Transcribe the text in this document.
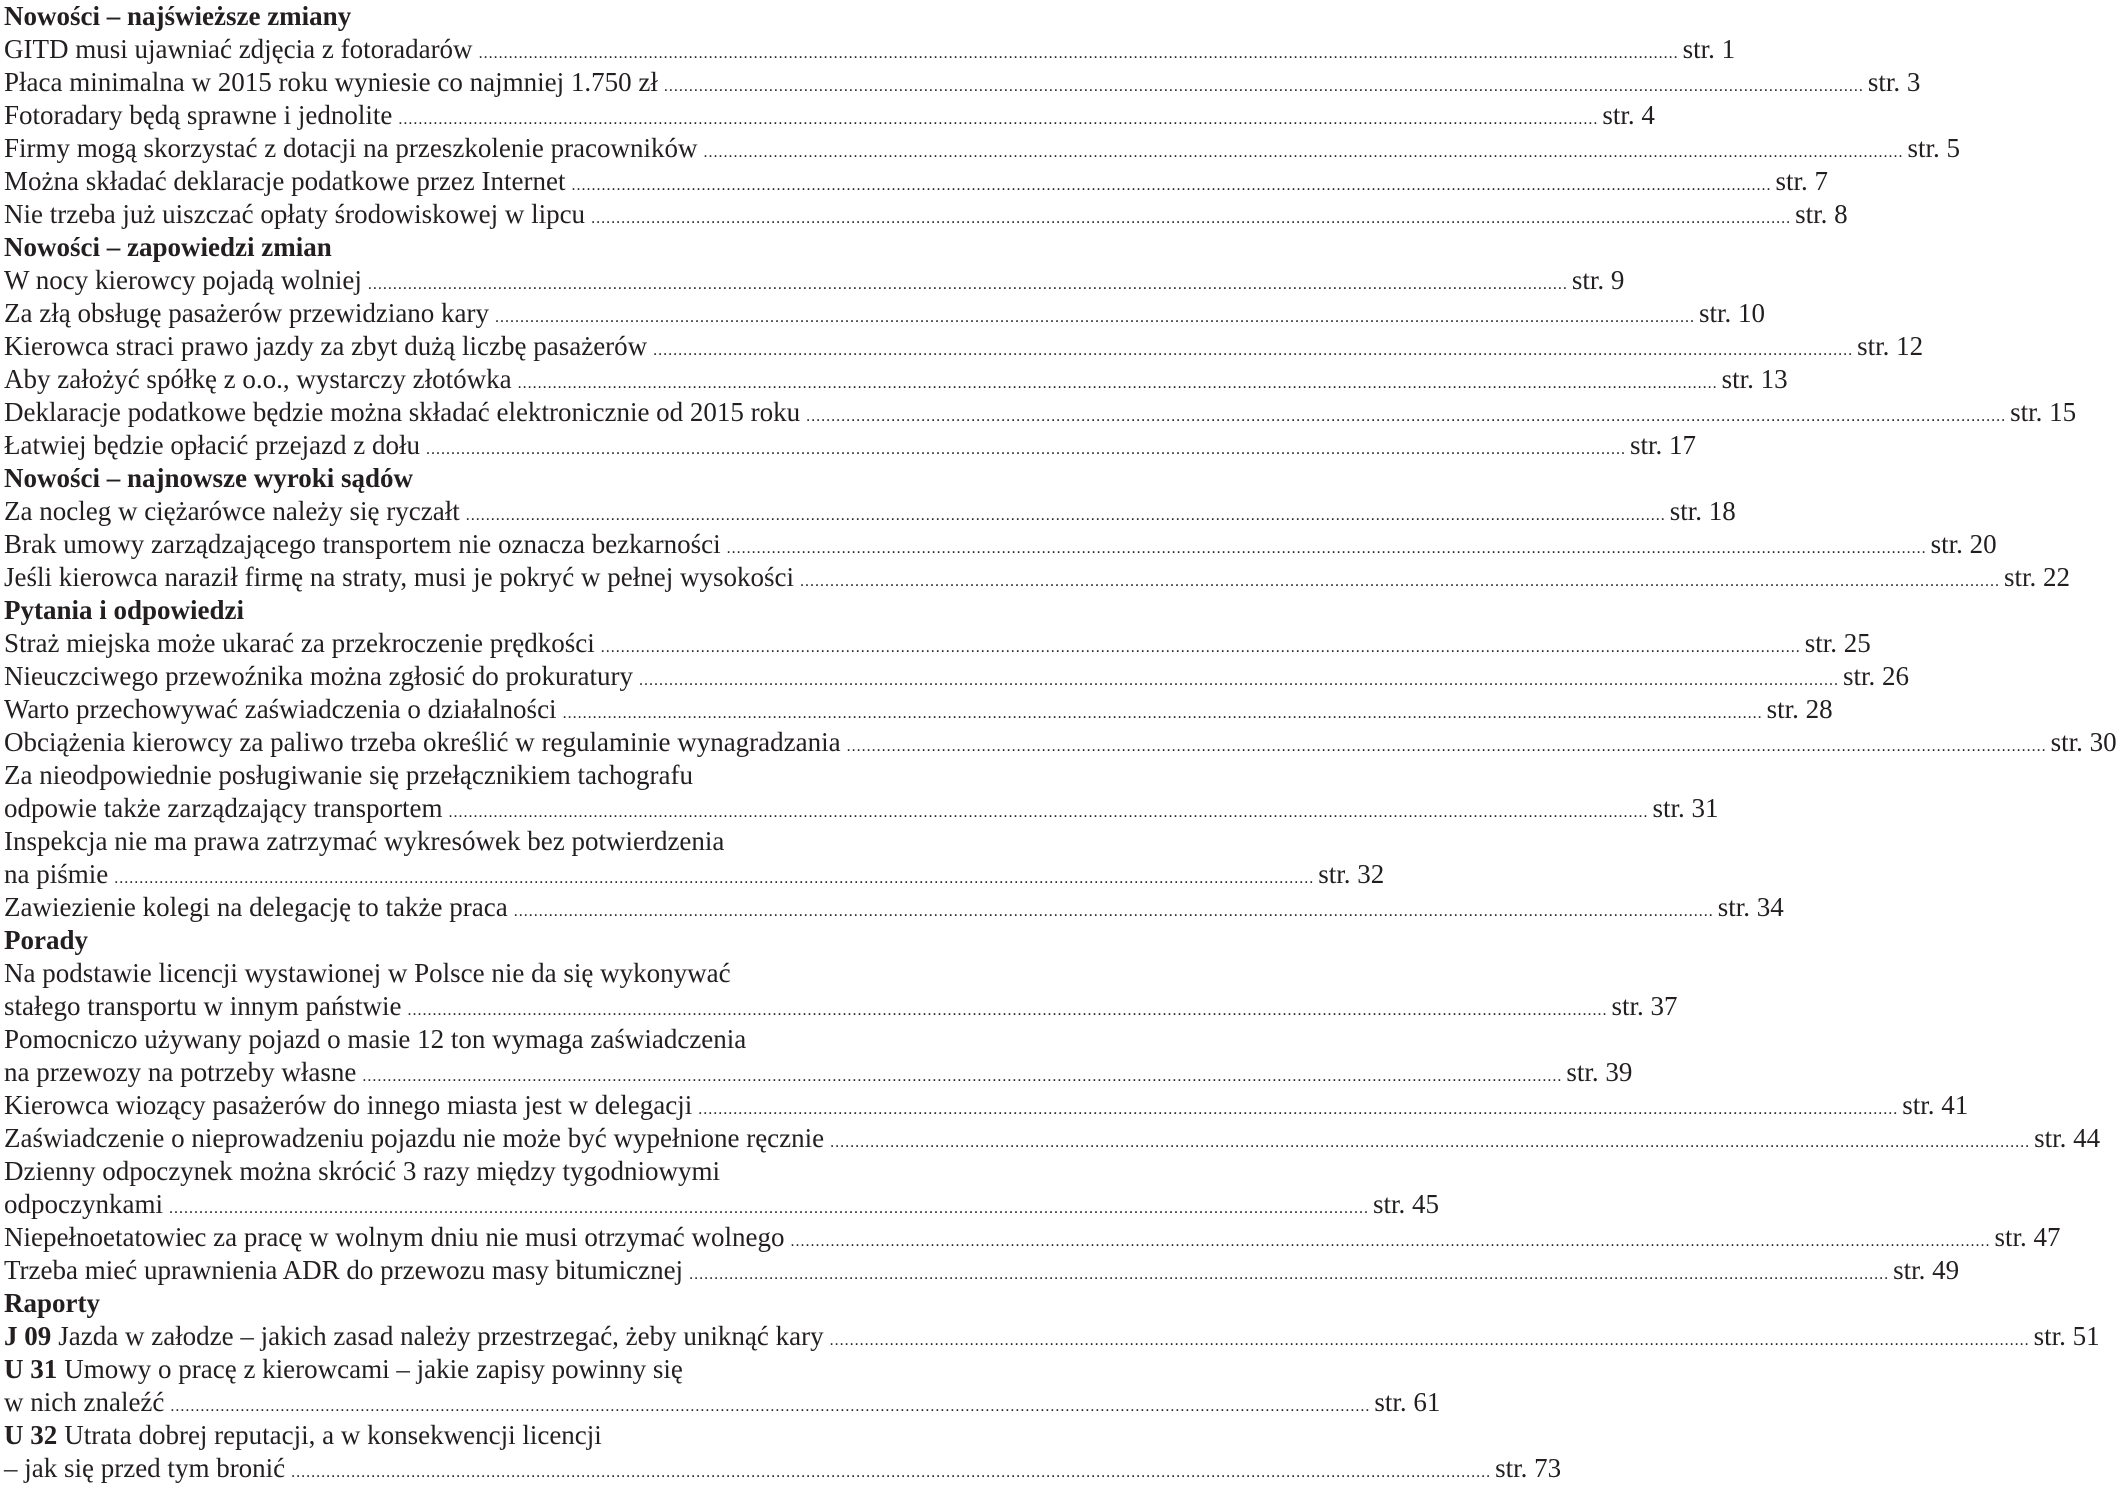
Nowości – najświeższe zmiany
GITD musi ujawniać zdjęcia z fotoradarów .....	str. 1
Płaca minimalna w 2015 roku wyniesie co najmniej 1.750 zł .....	str. 3
Fotoradary będą sprawne i jednolite .....	str. 4
Firmy mogą skorzystać z dotacji na przeszkolenie pracowników .....	str. 5
Można składać deklaracje podatkowe przez Internet .....	str. 7
Nie trzeba już uiszczać opłaty środowiskowej w lipcu .....	str. 8
Nowości – zapowiedzi zmian
W nocy kierowcy pojadą wolniej .....	str. 9
Za złą obsługę pasażerów przewidziano kary .....	str. 10
Kierowca straci prawo jazdy za zbyt dużą liczbę pasażerów .....	str. 12
Aby założyć spółkę z o.o., wystarczy złotówka .....	str. 13
Deklaracje podatkowe będzie można składać elektronicznie od 2015 roku .....	str. 15
Łatwiej będzie opłacić przejazd z dołu .....	str. 17
Nowości – najnowsze wyroki sądów
Za nocleg w ciężarówce należy się ryczałt .....	str. 18
Brak umowy zarządzającego transportem nie oznacza bezkarności .....	str. 20
Jeśli kierowca naraził firmę na straty, musi je pokryć w pełnej wysokości .....	str. 22
Pytania i odpowiedzi
Straż miejska może ukarać za przekroczenie prędkości .....	str. 25
Nieuczciwego przewoźnika można zgłosić do prokuratury .....	str. 26
Warto przechowywać zaświadczenia o działalności .....	str. 28
Obciążenia kierowcy za paliwo trzeba określić w regulaminie wynagradzania .....	str. 30
Za nieodpowiednie posługiwanie się przełącznikiem tachografu
odpowie także zarządzający transportem .....	str. 31
Inspekcja nie ma prawa zatrzymać wykresówek bez potwierdzenia
na piśmie .....	str. 32
Zawiezienie kolegi na delegację to także praca .....	str. 34
Porady
Na podstawie licencji wystawionej w Polsce nie da się wykonywać
stałego transportu w innym państwie .....	str. 37
Pomocniczo używany pojazd o masie 12 ton wymaga zaświadczenia
na przewozy na potrzeby własne .....	str. 39
Kierowca wiozący pasażerów do innego miasta jest w delegacji .....	str. 41
Zaświadczenie o nieprowadzeniu pojazdu nie może być wypełnione ręcznie .....	str. 44
Dzienny odpoczynek można skrócić 3 razy między tygodniowymi
odpoczynkami .....	str. 45
Niepełnoetatowiec za pracę w wolnym dniu nie musi otrzymać wolnego .....	str. 47
Trzeba mieć uprawnienia ADR do przewozu masy bitumicznej .....	str. 49
Raporty
J 09 Jazda w załodze – jakich zasad należy przestrzegać, żeby uniknąć kary .....	str. 51
U 31 Umowy o pracę z kierowcami – jakie zapisy powinny się
w nich znaleźć .....	str. 61
U 32 Utrata dobrej reputacji, a w konsekwencji licencji
– jak się przed tym bronić .....	str. 73
